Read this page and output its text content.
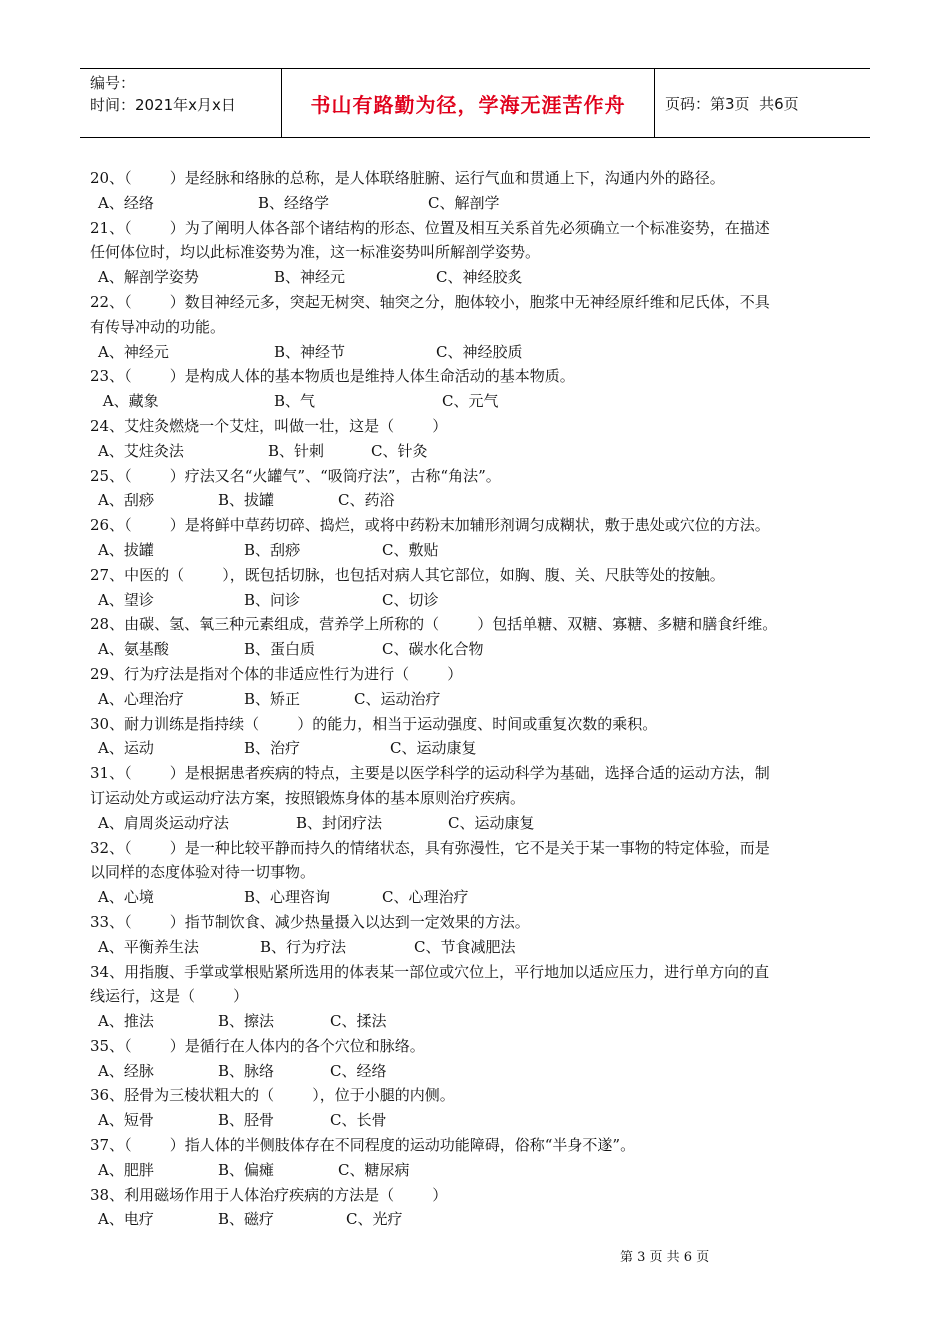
编号：
时间：2021年x月x日	书山有路勤为径，学海无涯苦作舟	页码：第3页  共6页
20、（        ）是经脉和络脉的总称，是人体联络脏腑、运行气血和贯通上下，沟通内外的路径。
A、经络	B、经络学	C、解剖学
21、（        ）为了阐明人体各部个诸结构的形态、位置及相互关系首先必须确立一个标准姿势，在描述
任何体位时，均以此标准姿势为准，这一标准姿势叫所解剖学姿势。
A、解剖学姿势	B、神经元	C、神经胶炙
22、（        ）数目神经元多，突起无树突、轴突之分，胞体较小，胞浆中无神经原纤维和尼氏体，不具
有传导冲动的功能。
A、神经元	B、神经节	C、神经胶质
23、（        ）是构成人体的基本物质也是维持人体生命活动的基本物质。
A、藏象	B、气	C、元气
24、艾炷灸燃烧一个艾炷，叫做一壮，这是（        ）
A、艾炷灸法	B、针刺	C、针灸
25、（        ）疗法又名“火罐气”、“吸筒疗法”，古称“角法”。
A、刮痧	B、拔罐	C、药浴
26、（        ）是将鲜中草药切碎、捣烂，或将中药粉末加辅形剂调匀成糊状，敷于患处或穴位的方法。
A、拔罐	B、刮痧	C、敷贴
27、中医的（        ），既包括切脉，也包括对病人其它部位，如胸、腹、关、尺肤等处的按触。
A、望诊	B、问诊	C、切诊
28、由碳、氢、氧三种元素组成，营养学上所称的（        ）包括单糖、双糖、寡糖、多糖和膳食纤维。
A、氨基酸	B、蛋白质	C、碳水化合物
29、行为疗法是指对个体的非适应性行为进行（        ）
A、心理治疗	B、矫正	C、运动治疗
30、耐力训练是指持续（        ）的能力，相当于运动强度、时间或重复次数的乘积。
A、运动	B、治疗	C、运动康复
31、（        ）是根据患者疾病的特点，主要是以医学科学的运动科学为基础，选择合适的运动方法，制
订运动处方或运动疗法方案，按照锻炼身体的基本原则治疗疾病。
A、肩周炎运动疗法	B、封闭疗法	C、运动康复
32、（        ）是一种比较平静而持久的情绪状态，具有弥漫性，它不是关于某一事物的特定体验，而是
以同样的态度体验对待一切事物。
A、心境	B、心理咨询	C、心理治疗
33、（        ）指节制饮食、减少热量摄入以达到一定效果的方法。
A、平衡养生法	B、行为疗法	C、节食减肥法
34、用指腹、手掌或掌根贴紧所选用的体表某一部位或穴位上，平行地加以适应压力，进行单方向的直
线运行，这是（        ）
A、推法	B、擦法	C、揉法
35、（        ）是循行在人体内的各个穴位和脉络。
A、经脉	B、脉络	C、经络
36、胫骨为三棱状粗大的（        ），位于小腿的内侧。
A、短骨	B、胫骨	C、长骨
37、（        ）指人体的半侧肢体存在不同程度的运动功能障碍，俗称“半身不遂”。
A、肥胖	B、偏瘫	C、糖尿病
38、利用磁场作用于人体治疗疾病的方法是（        ）
A、电疗	B、磁疗	C、光疗
第 3 页 共 6 页
